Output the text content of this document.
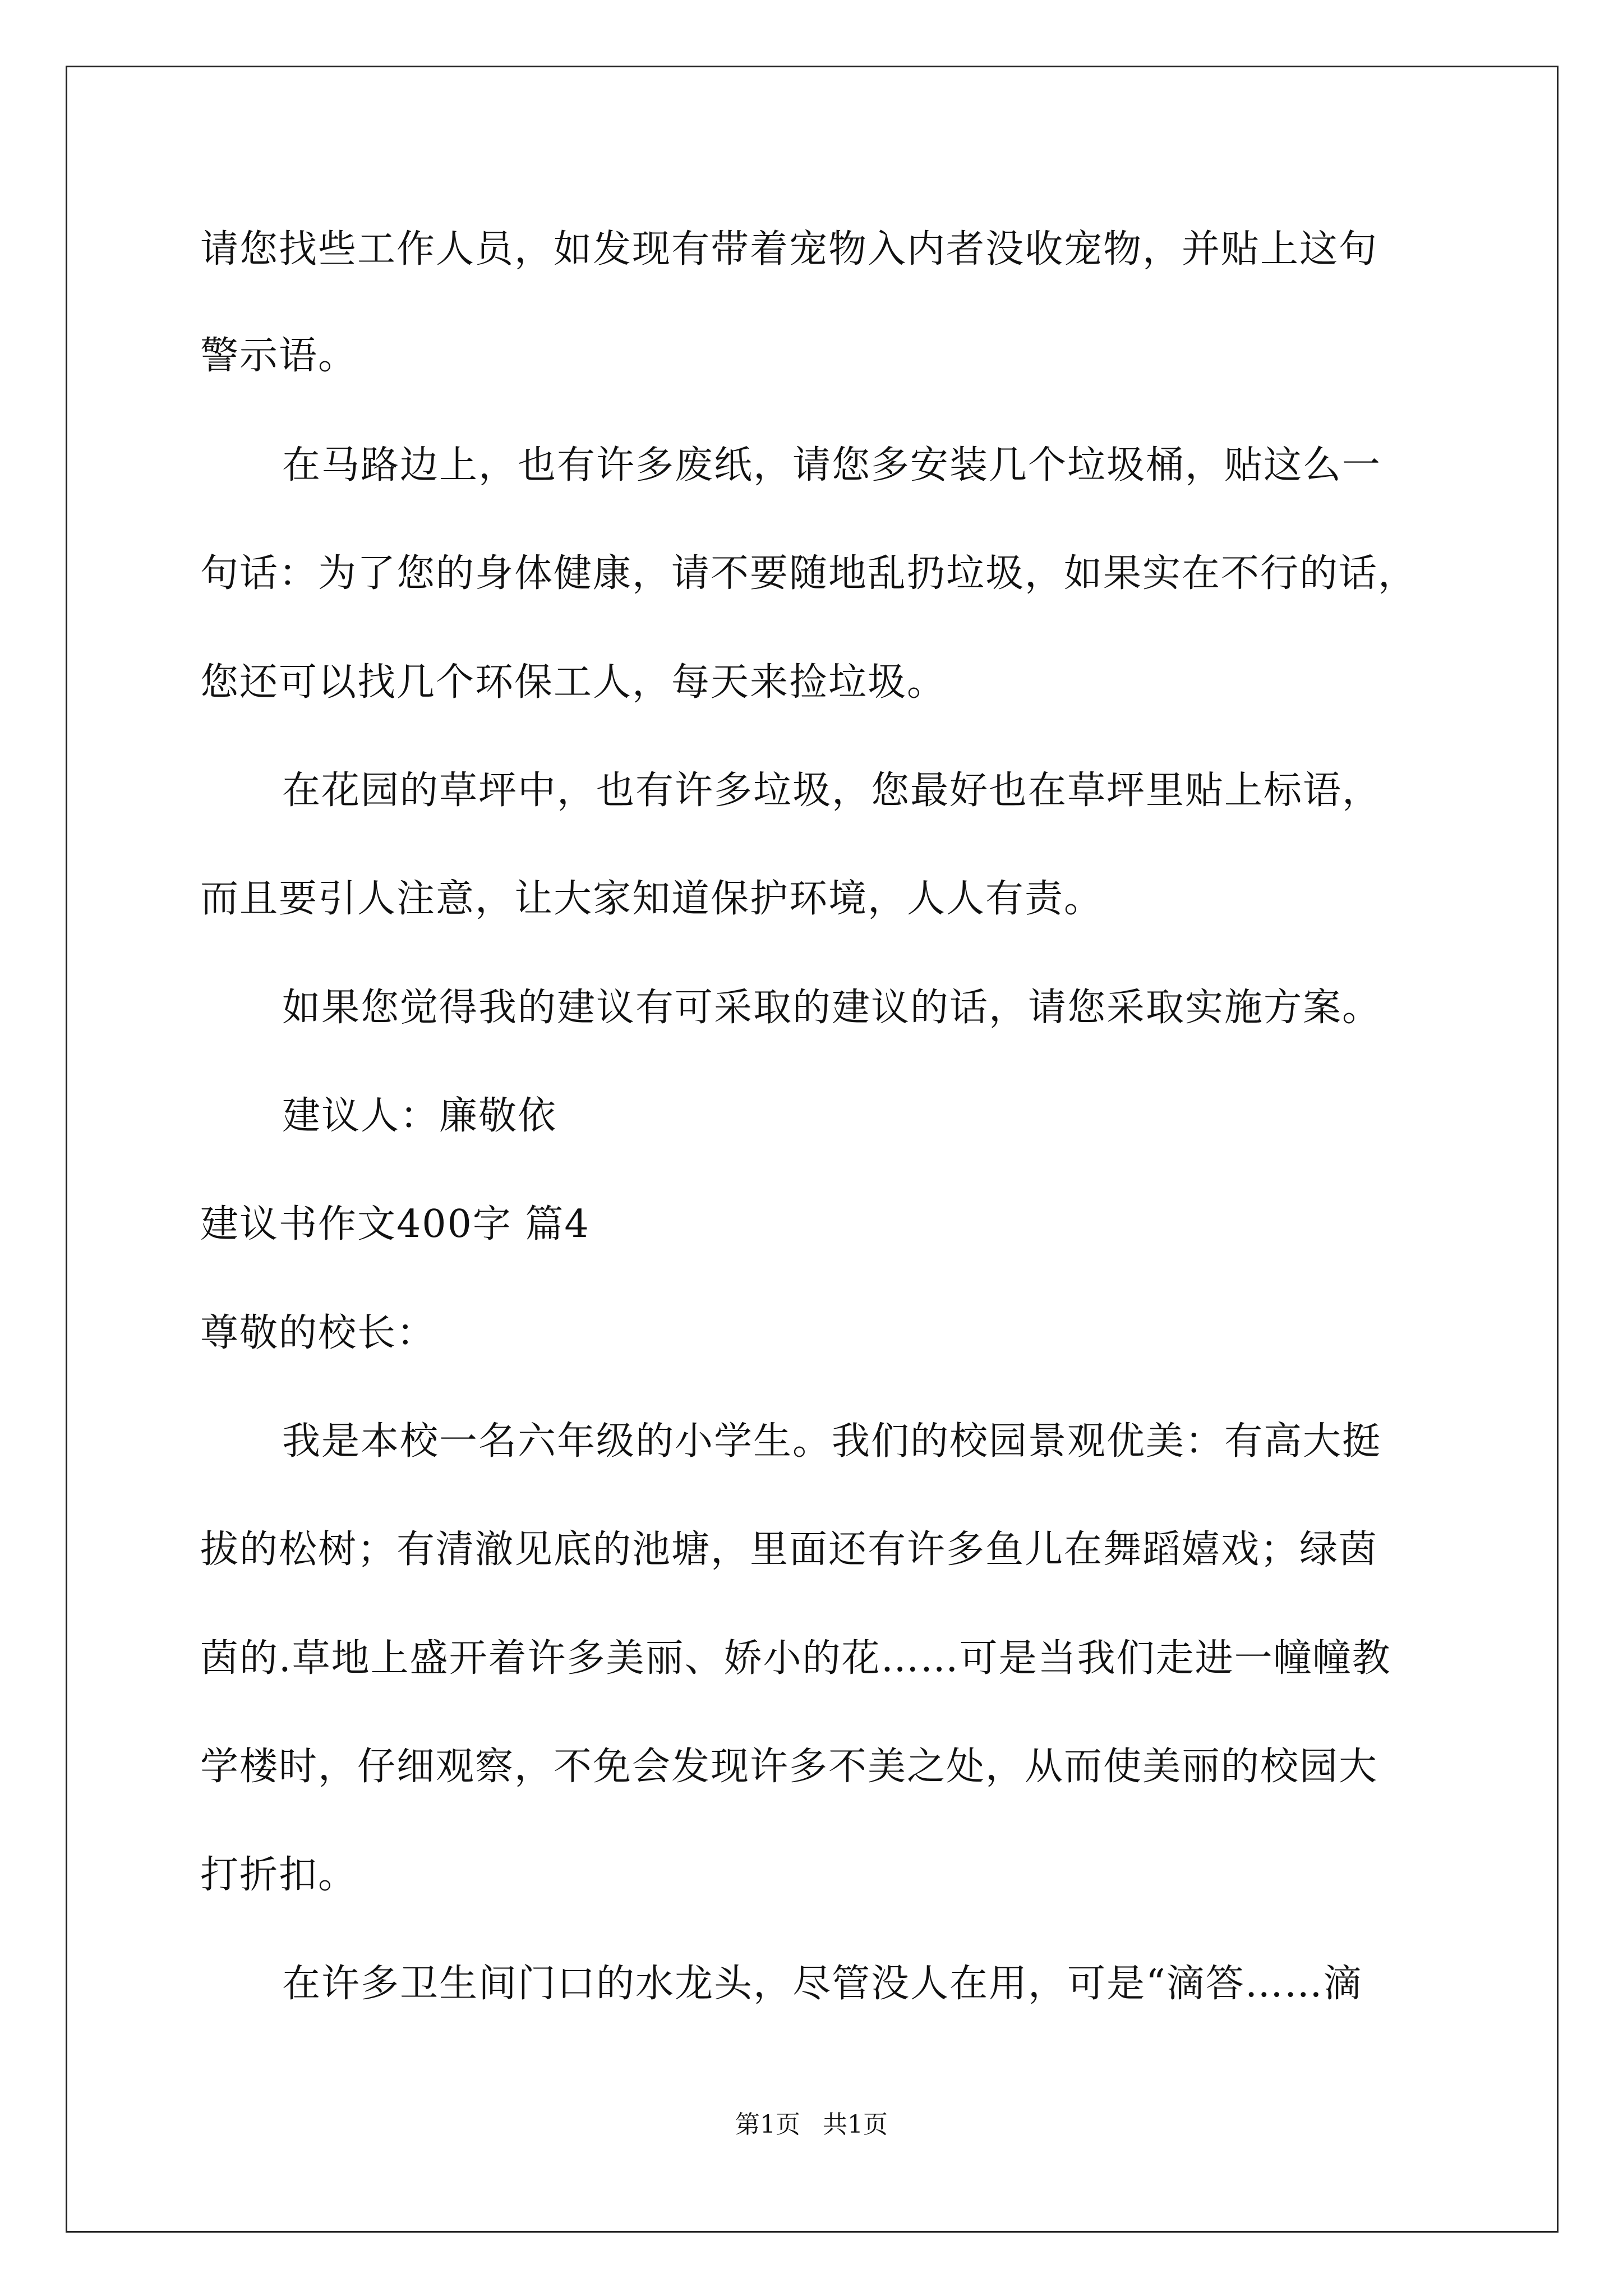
请您找些工作人员，如发现有带着宠物入内者没收宠物，并贴上这句
警示语。
在马路边上，也有许多废纸，请您多安装几个垃圾桶，贴这么一
句话：为了您的身体健康，请不要随地乱扔垃圾，如果实在不行的话，
您还可以找几个环保工人，每天来捡垃圾。
在花园的草坪中，也有许多垃圾，您最好也在草坪里贴上标语，
而且要引人注意，让大家知道保护环境，人人有责。
如果您觉得我的建议有可采取的建议的话，请您采取实施方案。
建议人：廉敬依
建议书作文400字 篇4
尊敬的校长：
我是本校一名六年级的小学生。我们的校园景观优美：有高大挺
拔的松树；有清澈见底的池塘，里面还有许多鱼儿在舞蹈嬉戏；绿茵
茵的.草地上盛开着许多美丽、娇小的花……可是当我们走进一幢幢教
学楼时，仔细观察，不免会发现许多不美之处，从而使美丽的校园大
打折扣。
在许多卫生间门口的水龙头，尽管没人在用，可是“滴答……滴
第1页 共1页
